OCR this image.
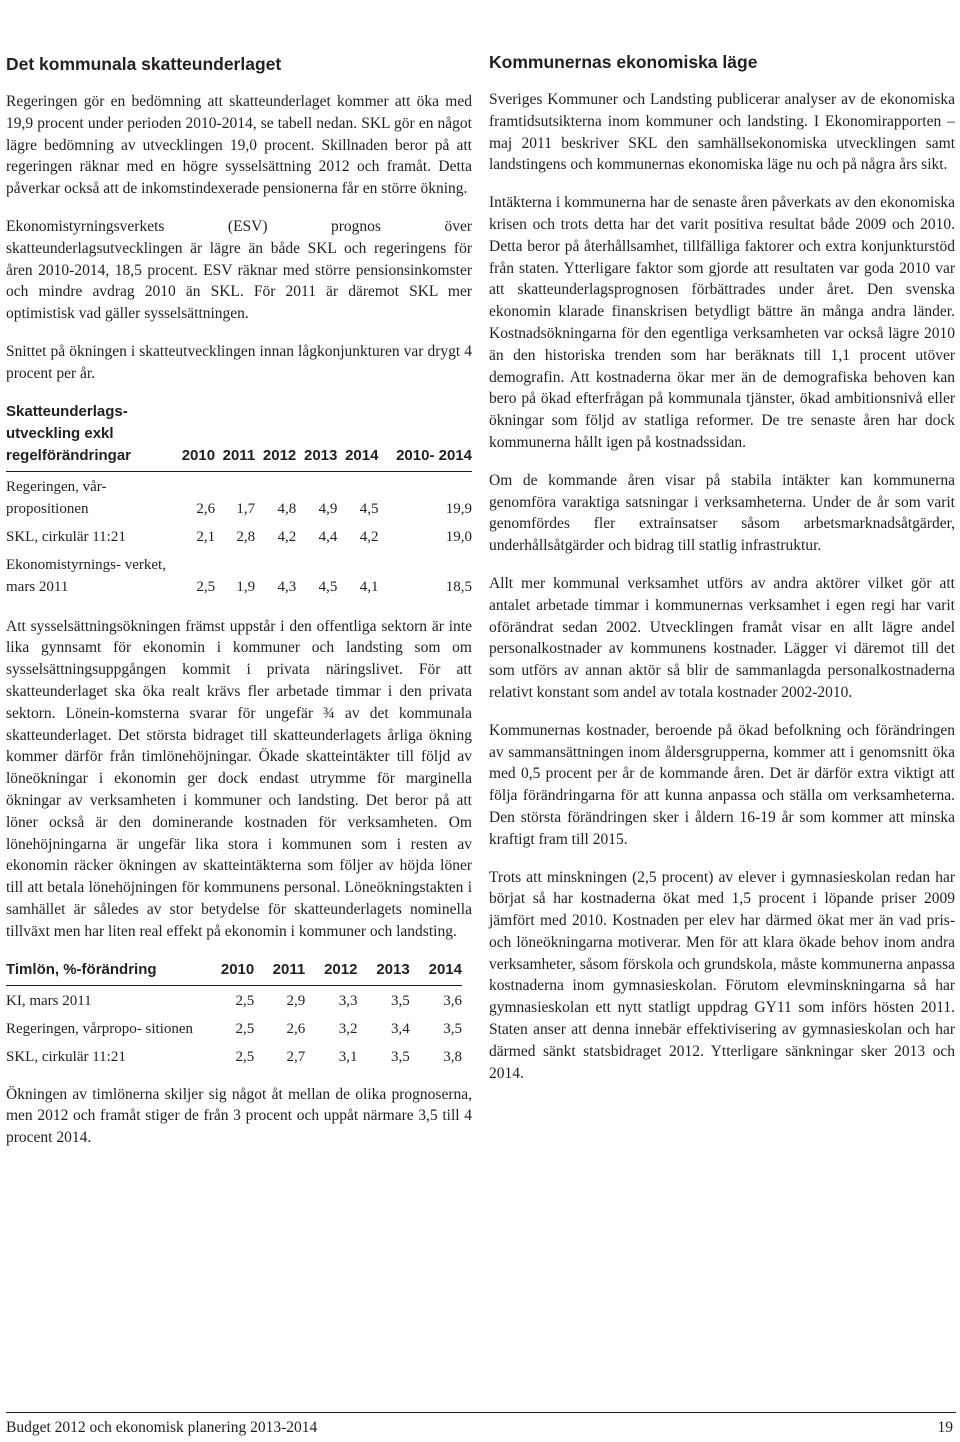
Det kommunala skatteunderlaget

Regeringen gör en bedömning att skatteunderlaget kommer att öka med 19,9 procent under perioden 2010-2014, se tabell nedan. SKL gör en något lägre bedömning av utvecklingen 19,0 procent. Skillnaden beror på att regeringen räknar med en högre sysselsättning 2012 och framåt. Detta påverkar också att de inkomstindexerade pensionerna får en större ökning.

Ekonomistyrningsverkets (ESV) prognos över skatteunderlagsutvecklingen är lägre än både SKL och regeringens för åren 2010-2014, 18,5 procent. ESV räknar med större pensionsinkomster och mindre avdrag 2010 än SKL. För 2011 är däremot SKL mer optimistisk vad gäller sysselsättningen.

Snittet på ökningen i skatteutvecklingen innan lågkonjunkturen var drygt 4 procent per år.

Skatteunderlags- utveckling exkl regelförändringar	2010	2011	2012	2013	2014	2010- 2014
Regeringen, vår- propositionen	2,6	1,7	4,8	4,9	4,5	19,9
SKL, cirkulär 11:21	2,1	2,8	4,2	4,4	4,2	19,0
Ekonomistyrnings- verket, mars 2011	2,5	1,9	4,3	4,5	4,1	18,5

Att sysselsättningsökningen främst uppstår i den offentliga sektorn är inte lika gynnsamt för ekonomin i kommuner och landsting som om sysselsättningsuppgången kommit i privata näringslivet. För att skatteunderlaget ska öka realt krävs fler arbetade timmar i den privata sektorn. Lönein-komsterna svarar för ungefär ¾ av det kommunala skatteunderlaget. Det största bidraget till skatteunderlagets årliga ökning kommer därför från timlönehöjningar. Ökade skatteintäkter till följd av löneökningar i ekonomin ger dock endast utrymme för marginella ökningar av verksamheten i kommuner och landsting. Det beror på att löner också är den dominerande kostnaden för verksamheten. Om lönehöjningarna är ungefär lika stora i kommunen som i resten av ekonomin räcker ökningen av skatteintäkterna som följer av höjda löner till att betala lönehöjningen för kommunens personal. Löneökningstakten i samhället är således av stor betydelse för skatteunderlagets nominella tillväxt men har liten real effekt på ekonomin i kommuner och landsting.

Timlön, %-förändring	2010	2011	2012	2013	2014
KI, mars 2011	2,5	2,9	3,3	3,5	3,6
Regeringen, vårpropo- sitionen	2,5	2,6	3,2	3,4	3,5
SKL, cirkulär 11:21	2,5	2,7	3,1	3,5	3,8

Ökningen av timlönerna skiljer sig något åt mellan de olika prognoserna, men 2012 och framåt stiger de från 3 procent och uppåt närmare 3,5 till 4 procent 2014.

Kommunernas ekonomiska läge

Sveriges Kommuner och Landsting publicerar analyser av de ekonomiska framtidsutsikterna inom kommuner och landsting. I Ekonomirapporten – maj 2011 beskriver SKL den samhällsekonomiska utvecklingen samt landstingens och kommunernas ekonomiska läge nu och på några års sikt.

Intäkterna i kommunerna har de senaste åren påverkats av den ekonomiska krisen och trots detta har det varit positiva resultat både 2009 och 2010. Detta beror på återhållsamhet, tillfälliga faktorer och extra konjunkturstöd från staten. Ytterligare faktor som gjorde att resultaten var goda 2010 var att skatteunderlagsprognosen förbättrades under året. Den svenska ekonomin klarade finanskrisen betydligt bättre än många andra länder. Kostnadsökningarna för den egentliga verksamheten var också lägre 2010 än den historiska trenden som har beräknats till 1,1 procent utöver demografin. Att kostnaderna ökar mer än de demografiska behoven kan bero på ökad efterfrågan på kommunala tjänster, ökad ambitionsnivå eller ökningar som följd av statliga reformer. De tre senaste åren har dock kommunerna hållt igen på kostnadssidan.

Om de kommande åren visar på stabila intäkter kan kommunerna genomföra varaktiga satsningar i verksamheterna. Under de år som varit genomfördes fler extrainsatser såsom arbetsmarknadsåtgärder, underhållsåtgärder och bidrag till statlig infrastruktur.

Allt mer kommunal verksamhet utförs av andra aktörer vilket gör att antalet arbetade timmar i kommunernas verksamhet i egen regi har varit oförändrat sedan 2002. Utvecklingen framåt visar en allt lägre andel personalkostnader av kommunens kostnader. Lägger vi däremot till det som utförs av annan aktör så blir de sammanlagda personalkostnaderna relativt konstant som andel av totala kostnader 2002-2010.

Kommunernas kostnader, beroende på ökad befolkning och förändringen av sammansättningen inom åldersgrupperna, kommer att i genomsnitt öka med 0,5 procent per år de kommande åren. Det är därför extra viktigt att följa förändringarna för att kunna anpassa och ställa om verksamheterna. Den största förändringen sker i åldern 16-19 år som kommer att minska kraftigt fram till 2015.

Trots att minskningen (2,5 procent) av elever i gymnasieskolan redan har börjat så har kostnaderna ökat med 1,5 procent i löpande priser 2009 jämfört med 2010. Kostnaden per elev har därmed ökat mer än vad pris- och löneökningarna motiverar. Men för att klara ökade behov inom andra verksamheter, såsom förskola och grundskola, måste kommunerna anpassa kostnaderna inom gymnasieskolan. Förutom elevminskningarna så har gymnasieskolan ett nytt statligt uppdrag GY11 som införs hösten 2011. Staten anser att denna innebär effektivisering av gymnasieskolan och har därmed sänkt statsbidraget 2012. Ytterligare sänkningar sker 2013 och 2014.

Budget 2012 och ekonomisk planering 2013-2014	19
